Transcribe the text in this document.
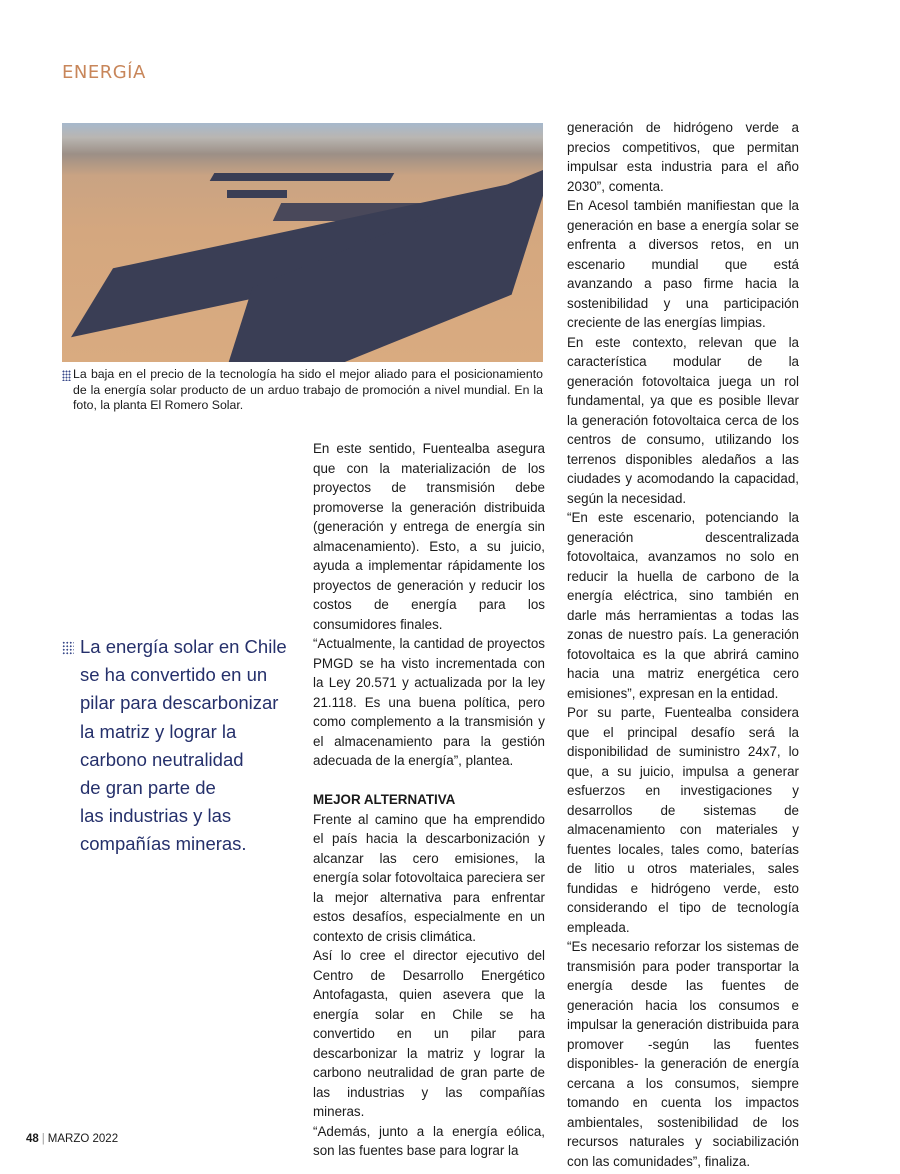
ENERGÍA
La baja en el precio de la tecnología ha sido el mejor aliado para el posicionamiento de la energía solar producto de un arduo trabajo de promoción a nivel mundial. En la foto, la planta El Romero Solar.
La energía solar en Chile
se ha convertido en un
pilar para descarbonizar
la matriz y lograr la
carbono neutralidad
de gran parte de
las industrias y las
compañías mineras.

En este sentido, Fuentealba asegura que con la materialización de los proyectos de transmisión debe promoverse la generación distribuida (generación y entrega de energía sin almacenamiento). Esto, a su juicio, ayuda a implementar rápidamente los proyectos de generación y reducir los costos de energía para los consumidores finales.

“Actualmente, la cantidad de proyectos PMGD se ha visto incrementada con la Ley 20.571 y actualizada por la ley 21.118. Es una buena política, pero como complemento a la transmisión y el almacenamiento para la gestión adecuada de la energía”, plantea.

MEJOR ALTERNATIVA

Frente al camino que ha emprendido el país hacia la descarbonización y alcanzar las cero emisiones, la energía solar fotovoltaica pareciera ser la mejor alternativa para enfrentar estos desafíos, especialmente en un contexto de crisis climática.

Así lo cree el director ejecutivo del Centro de Desarrollo Energético Antofagasta, quien asevera que la energía solar en Chile se ha convertido en un pilar para descarbonizar la matriz y lograr la carbono neutralidad de gran parte de las industrias y las compañías mineras.

“Además, junto a la energía eólica, son las fuentes base para lograr la

generación de hidrógeno verde a precios competitivos, que permitan impulsar esta industria para el año 2030”, comenta.

En Acesol también manifiestan que la generación en base a energía solar se enfrenta a diversos retos, en un escenario mundial que está avanzando a paso firme hacia la sostenibilidad y una participación creciente de las energías limpias.

En este contexto, relevan que la característica modular de la generación fotovoltaica juega un rol fundamental, ya que es posible llevar la generación fotovoltaica cerca de los centros de consumo, utilizando los terrenos disponibles aledaños a las ciudades y acomodando la capacidad, según la necesidad.

“En este escenario, potenciando la generación descentralizada fotovoltaica, avanzamos no solo en reducir la huella de carbono de la energía eléctrica, sino también en darle más herramientas a todas las zonas de nuestro país. La generación fotovoltaica es la que abrirá camino hacia una matriz energética cero emisiones”, expresan en la entidad.

Por su parte, Fuentealba considera que el principal desafío será la disponibilidad de suministro 24x7, lo que, a su juicio, impulsa a generar esfuerzos en investigaciones y desarrollos de sistemas de almacenamiento con materiales y fuentes locales, tales como, baterías de litio u otros materiales, sales fundidas e hidrógeno verde, esto considerando el tipo de tecnología empleada.

“Es necesario reforzar los sistemas de transmisión para poder transportar la energía desde las fuentes de generación hacia los consumos e impulsar la generación distribuida para promover -según las fuentes disponibles- la generación de energía cercana a los consumos, siempre tomando en cuenta los impactos ambientales, sostenibilidad de los recursos naturales y sociabilización con las comunidades”, finaliza.

48 | MARZO 2022
